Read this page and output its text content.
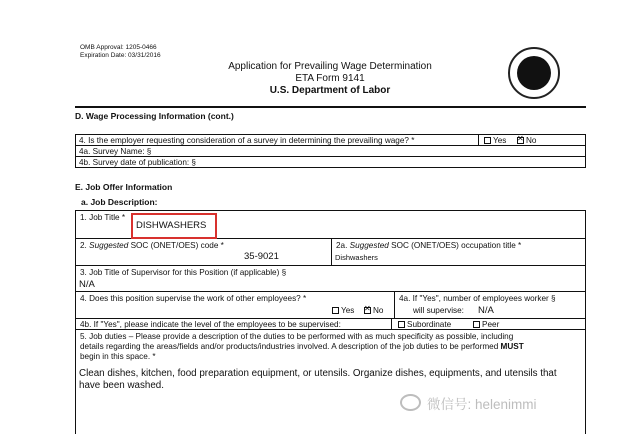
OMB Approval: 1205-0466
Expiration Date: 03/31/2016
Application for Prevailing Wage Determination
ETA Form 9141
U.S. Department of Labor
D. Wage Processing Information (cont.)
4. Is the employer requesting consideration of a survey in determining the prevailing wage? *	Yes ✕	No
4a. Survey Name: §
4b. Survey date of publication: §
E. Job Offer Information
a. Job Description:
1. Job Title *
DISHWASHERS
2. Suggested SOC (ONET/OES) code *
35-9021
2a. Suggested SOC (ONET/OES) occupation title *
Dishwashers
3. Job Title of Supervisor for this Position (if applicable) §
N/A
4. Does this position supervise the work of other employees? *
Yes ✕	No
4a. If "Yes", number of employees worker §
will supervise: N/A
4b. If "Yes", please indicate the level of the employees to be supervised:	Subordinate	Peer
5. Job duties – Please provide a description of the duties to be performed with as much specificity as possible, including
details regarding the areas/fields and/or products/industries involved. A description of the job duties to be performed MUST
begin in this space. *
Clean dishes, kitchen, food preparation equipment, or utensils. Organize dishes, equipments, and utensils that
have been washed.
微信号: helenimmi
